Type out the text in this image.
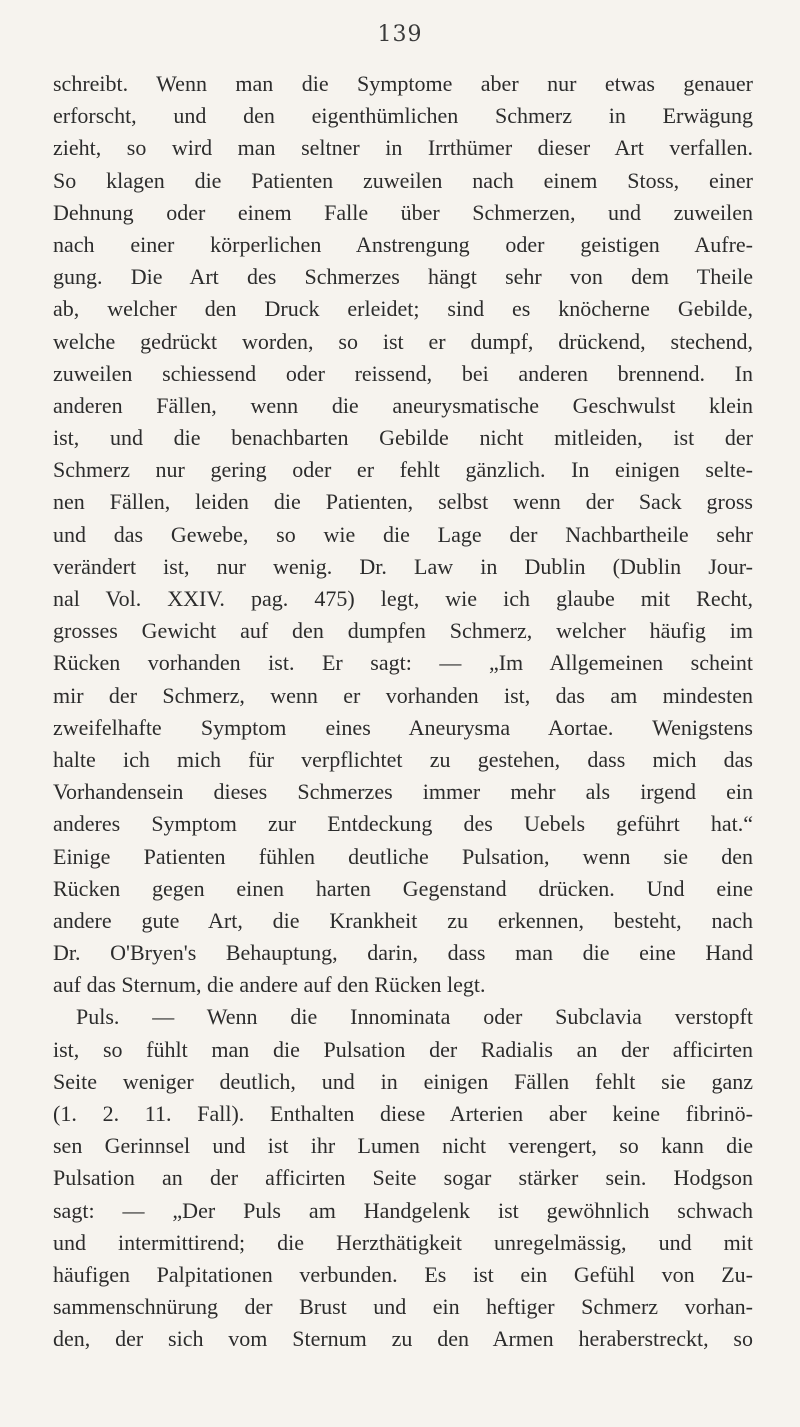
139
schreibt. Wenn man die Symptome aber nur etwas genauer
erforscht, und den eigenthümlichen Schmerz in Erwägung
zieht, so wird man seltner in Irrthümer dieser Art verfallen.
So klagen die Patienten zuweilen nach einem Stoss, einer
Dehnung oder einem Falle über Schmerzen, und zuweilen
nach einer körperlichen Anstrengung oder geistigen Aufre-
gung. Die Art des Schmerzes hängt sehr von dem Theile
ab, welcher den Druck erleidet; sind es knöcherne Gebilde,
welche gedrückt worden, so ist er dumpf, drückend, stechend,
zuweilen schiessend oder reissend, bei anderen brennend. In
anderen Fällen, wenn die aneurysmatische Geschwulst klein
ist, und die benachbarten Gebilde nicht mitleiden, ist der
Schmerz nur gering oder er fehlt gänzlich. In einigen selte-
nen Fällen, leiden die Patienten, selbst wenn der Sack gross
und das Gewebe, so wie die Lage der Nachbartheile sehr
verändert ist, nur wenig. Dr. Law in Dublin (Dublin Jour-
nal Vol. XXIV. pag. 475) legt, wie ich glaube mit Recht,
grosses Gewicht auf den dumpfen Schmerz, welcher häufig im
Rücken vorhanden ist. Er sagt: — „Im Allgemeinen scheint
mir der Schmerz, wenn er vorhanden ist, das am mindesten
zweifelhafte Symptom eines Aneurysma Aortae. Wenigstens
halte ich mich für verpflichtet zu gestehen, dass mich das
Vorhandensein dieses Schmerzes immer mehr als irgend ein
anderes Symptom zur Entdeckung des Uebels geführt hat.“
Einige Patienten fühlen deutliche Pulsation, wenn sie den
Rücken gegen einen harten Gegenstand drücken. Und eine
andere gute Art, die Krankheit zu erkennen, besteht, nach
Dr. O'Bryen's Behauptung, darin, dass man die eine Hand
auf das Sternum, die andere auf den Rücken legt.
Puls. — Wenn die Innominata oder Subclavia verstopft
ist, so fühlt man die Pulsation der Radialis an der afficirten
Seite weniger deutlich, und in einigen Fällen fehlt sie ganz
(1. 2. 11. Fall). Enthalten diese Arterien aber keine fibrinö-
sen Gerinnsel und ist ihr Lumen nicht verengert, so kann die
Pulsation an der afficirten Seite sogar stärker sein. Hodgson
sagt: — „Der Puls am Handgelenk ist gewöhnlich schwach
und intermittirend; die Herzthätigkeit unregelmässig, und mit
häufigen Palpitationen verbunden. Es ist ein Gefühl von Zu-
sammenschnürung der Brust und ein heftiger Schmerz vorhan-
den, der sich vom Sternum zu den Armen heraberstreckt, so
